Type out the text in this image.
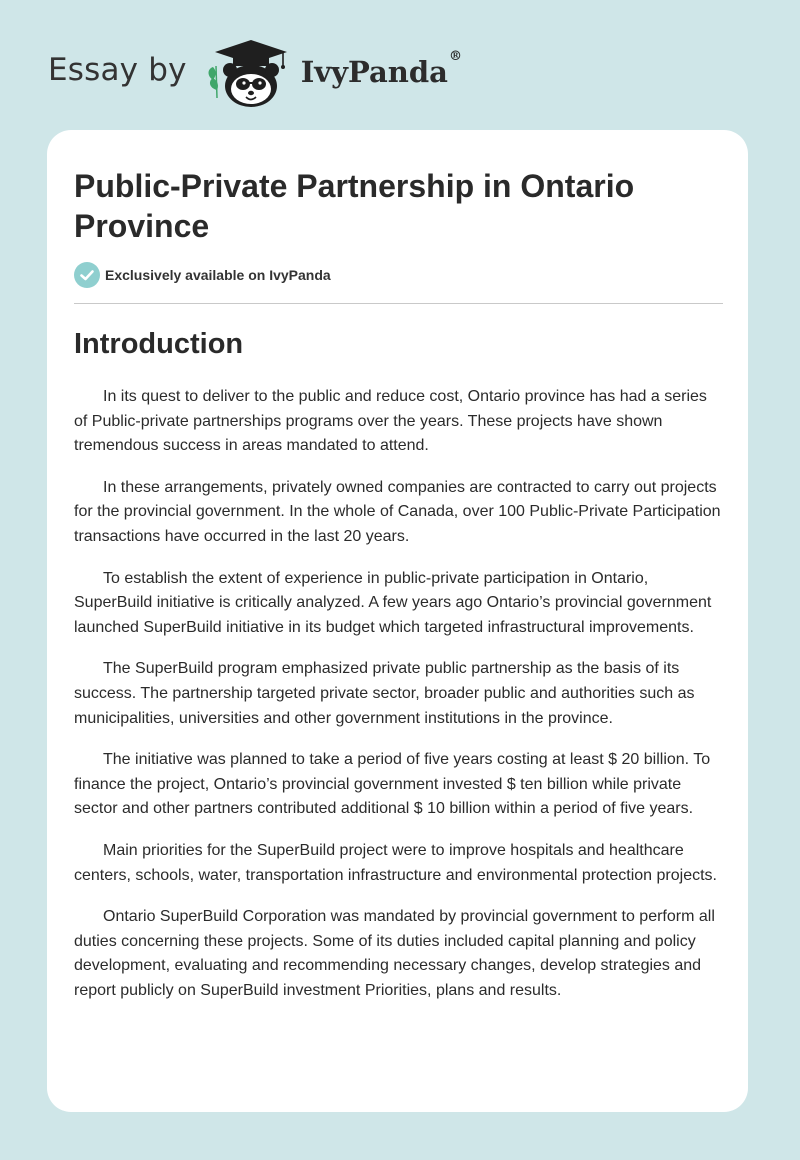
Essay by	IvyPanda®
Public-Private Partnership in Ontario Province
Exclusively available on IvyPanda
Introduction

In its quest to deliver to the public and reduce cost, Ontario province has had a series of Public-private partnerships programs over the years. These projects have shown tremendous success in areas mandated to attend.

In these arrangements, privately owned companies are contracted to carry out projects for the provincial government. In the whole of Canada, over 100 Public-Private Participation transactions have occurred in the last 20 years.

To establish the extent of experience in public-private participation in Ontario, SuperBuild initiative is critically analyzed. A few years ago Ontario’s provincial government launched SuperBuild initiative in its budget which targeted infrastructural improvements.

The SuperBuild program emphasized private public partnership as the basis of its success. The partnership targeted private sector, broader public and authorities such as municipalities, universities and other government institutions in the province.

The initiative was planned to take a period of five years costing at least $ 20 billion. To finance the project, Ontario’s provincial government invested $ ten billion while private sector and other partners contributed additional $ 10 billion within a period of five years.

Main priorities for the SuperBuild project were to improve hospitals and healthcare centers, schools, water, transportation infrastructure and environmental protection projects.

Ontario SuperBuild Corporation was mandated by provincial government to perform all duties concerning these projects. Some of its duties included capital planning and policy development, evaluating and recommending necessary changes, develop strategies and report publicly on SuperBuild investment Priorities, plans and results.
